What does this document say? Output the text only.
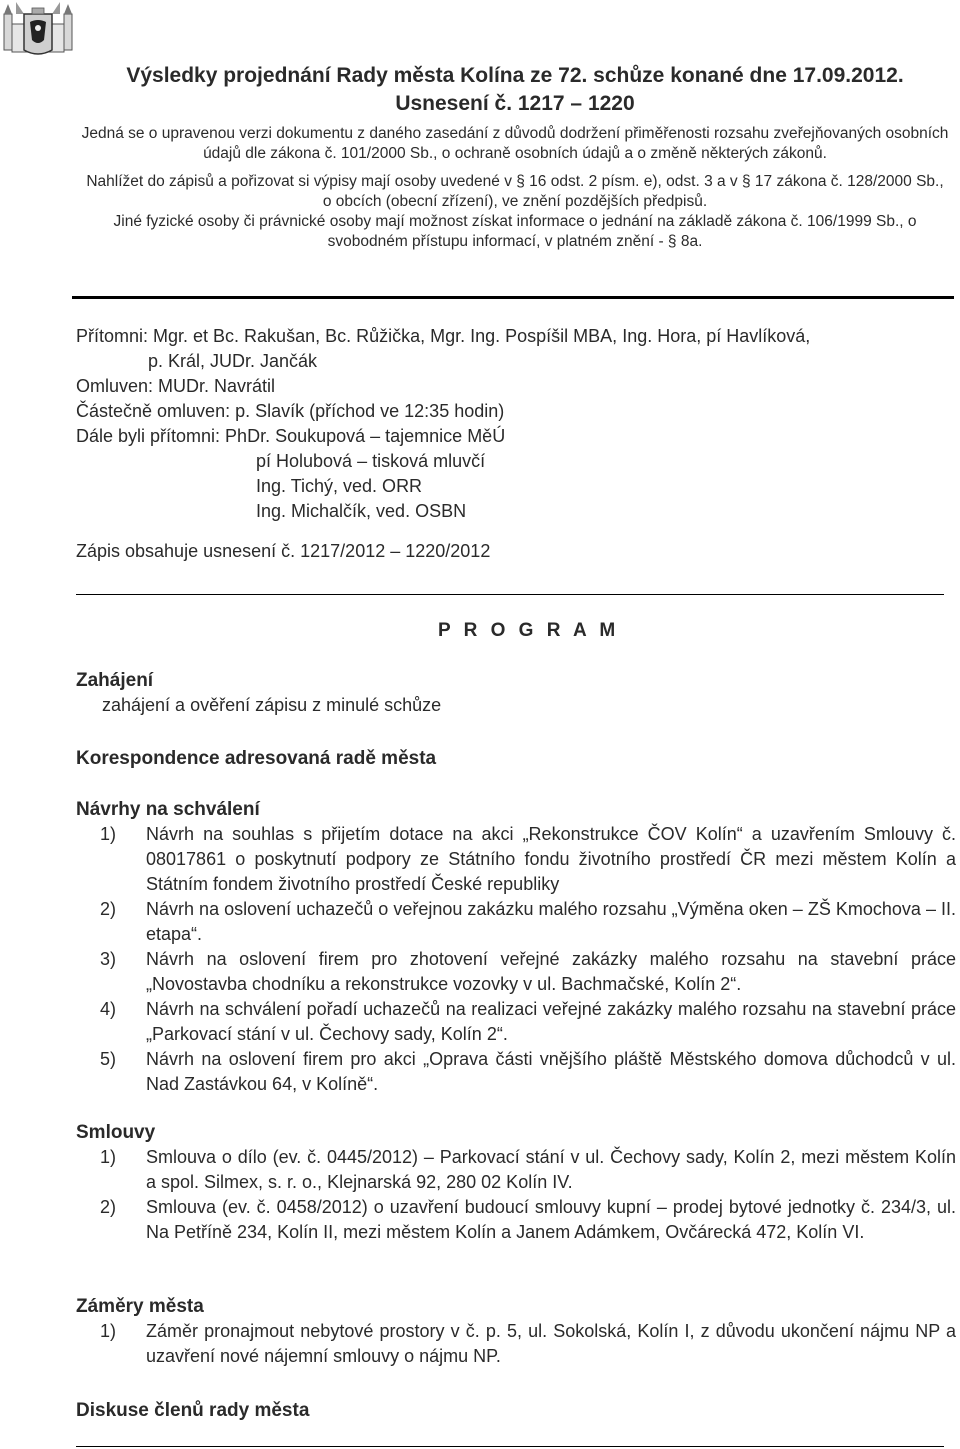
Výsledky projednání Rady města Kolína ze 72. schůze konané dne 17.09.2012.
Usnesení č. 1217 – 1220

Jedná se o upravenou verzi dokumentu z daného zasedání z důvodů dodržení přiměřenosti rozsahu zveřejňovaných osobních údajů dle zákona č. 101/2000 Sb., o ochraně osobních údajů a o změně některých zákonů.

Nahlížet do zápisů a pořizovat si výpisy mají osoby uvedené v § 16 odst. 2 písm. e), odst. 3 a v § 17 zákona č. 128/2000 Sb., o obcích (obecní zřízení), ve znění pozdějších předpisů.

Jiné fyzické osoby či právnické osoby mají možnost získat informace o jednání na základě zákona č. 106/1999 Sb., o svobodném přístupu informací, v platném znění - § 8a.

Přítomni: Mgr. et Bc. Rakušan, Bc. Růžička, Mgr. Ing. Pospíšil MBA, Ing. Hora, pí Havlíková,
p. Král, JUDr. Jančák
Omluven: MUDr. Navrátil
Částečně omluven: p. Slavík (příchod ve 12:35 hodin)
Dále byli přítomni: PhDr. Soukupová – tajemnice MěÚ
pí Holubová – tisková mluvčí
Ing. Tichý, ved. ORR
Ing. Michalčík, ved. OSBN
Zápis obsahuje usnesení č. 1217/2012 – 1220/2012
P R O G R A M
Zahájení
zahájení a ověření zápisu z minulé schůze
Korespondence adresovaná radě města
Návrhy na schválení
1) Návrh na souhlas s přijetím dotace na akci „Rekonstrukce ČOV Kolín“ a uzavřením Smlouvy č. 08017861 o poskytnutí podpory ze Státního fondu životního prostředí ČR mezi městem Kolín a Státním fondem životního prostředí České republiky
2) Návrh na oslovení uchazečů o veřejnou zakázku malého rozsahu „Výměna oken – ZŠ Kmochova – II. etapa“.
3) Návrh na oslovení firem pro zhotovení veřejné zakázky malého rozsahu na stavební práce „Novostavba chodníku a rekonstrukce vozovky v ul. Bachmačské, Kolín 2“.
4) Návrh na schválení pořadí uchazečů na realizaci veřejné zakázky malého rozsahu na stavební práce „Parkovací stání v ul. Čechovy sady, Kolín 2“.
5) Návrh na oslovení firem pro akci „Oprava části vnějšího pláště Městského domova důchodců v ul. Nad Zastávkou 64, v Kolíně“.
Smlouvy
1) Smlouva o dílo (ev. č. 0445/2012) – Parkovací stání v ul. Čechovy sady, Kolín 2, mezi městem Kolín a spol. Silmex, s. r. o., Klejnarská 92, 280 02 Kolín IV.
2) Smlouva (ev. č. 0458/2012) o uzavření budoucí smlouvy kupní – prodej bytové jednotky č. 234/3, ul. Na Petříně 234, Kolín II, mezi městem Kolín a Janem Adámkem, Ovčárecká 472, Kolín VI.
Záměry města
1) Záměr pronajmout nebytové prostory v č. p. 5, ul. Sokolská, Kolín I, z důvodu ukončení nájmu NP a uzavření nové nájemní smlouvy o nájmu NP.
Diskuse členů rady města
